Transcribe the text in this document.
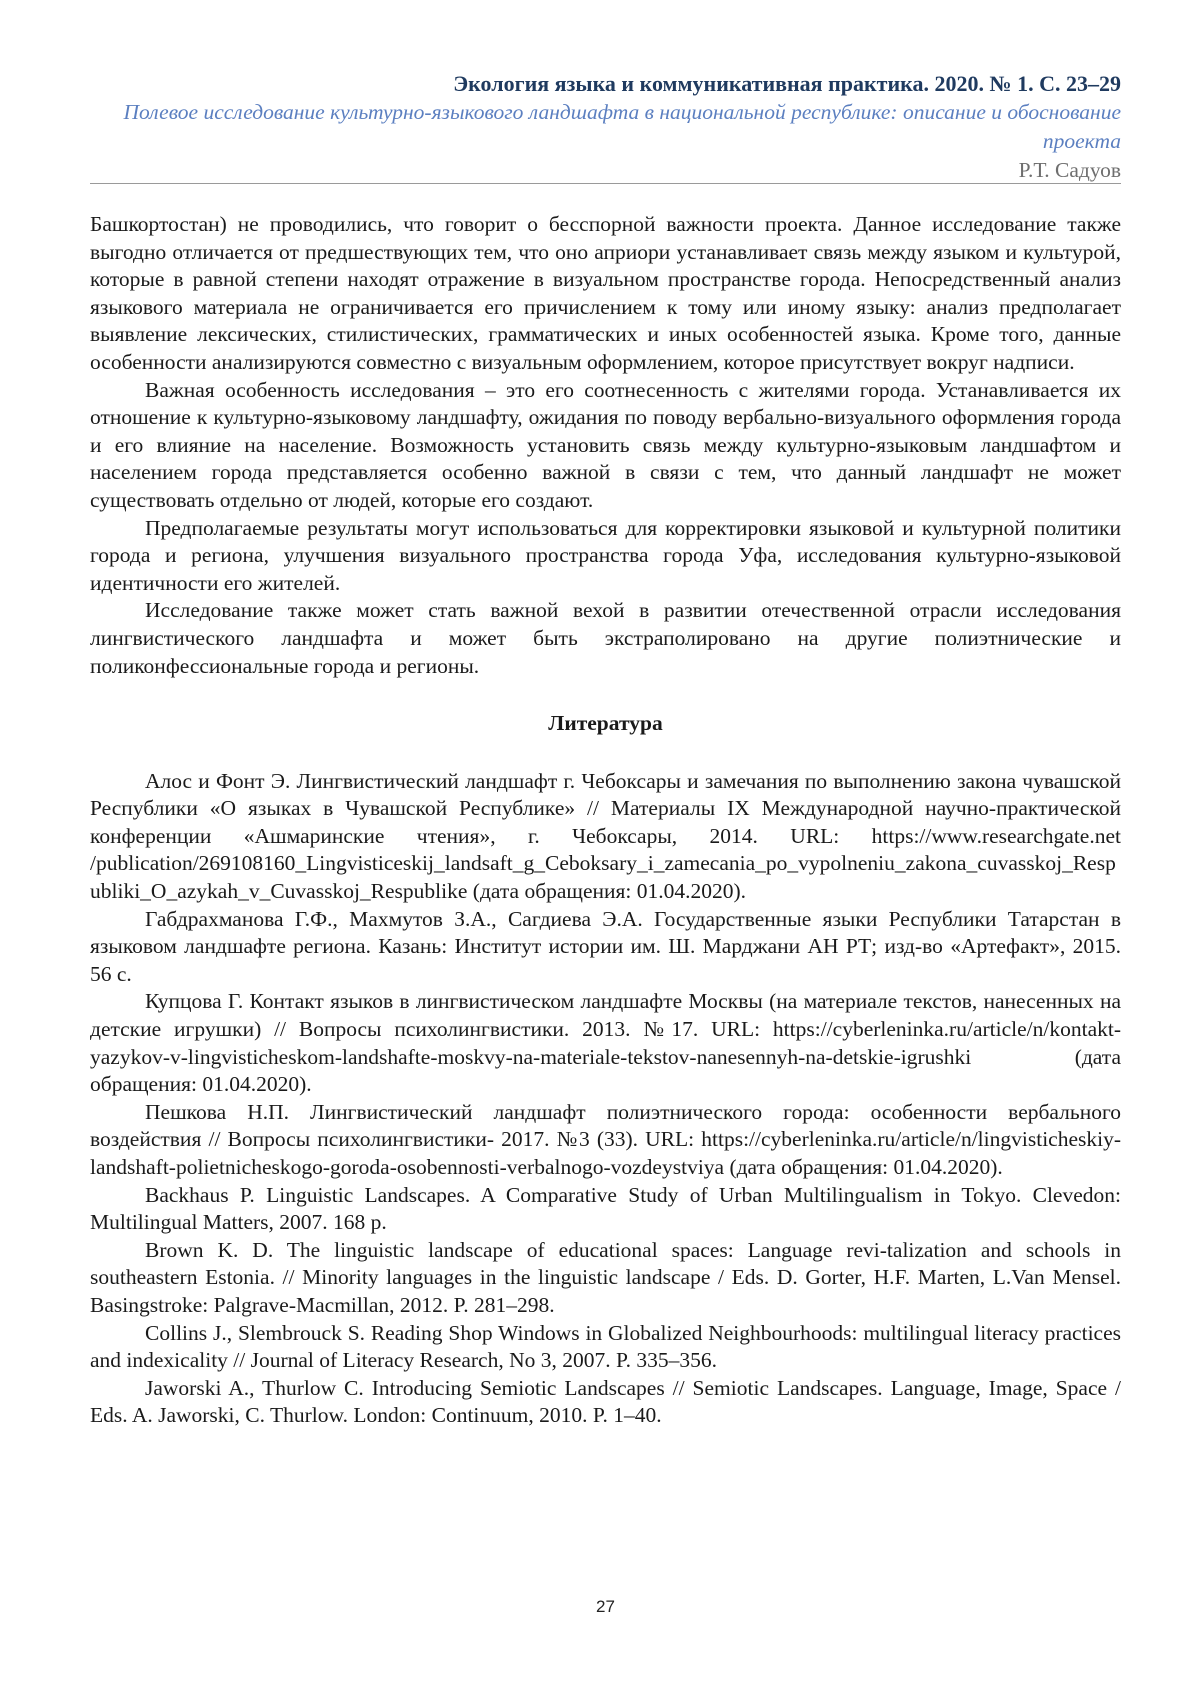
Экология языка и коммуникативная практика. 2020. № 1. С. 23–29
Полевое исследование культурно-языкового ландшафта в национальной республике: описание и обоснование проекта
Р.Т. Садуов

Башкортостан) не проводились, что говорит о бесспорной важности проекта. Данное исследование также выгодно отличается от предшествующих тем, что оно априори устанавливает связь между языком и культурой, которые в равной степени находят отражение в визуальном пространстве города. Непосредственный анализ языкового материала не ограничивается его причислением к тому или иному языку: анализ предполагает выявление лексических, стилистических, грамматических и иных особенностей языка. Кроме того, данные особенности анализируются совместно с визуальным оформлением, которое присутствует вокруг надписи.

Важная особенность исследования – это его соотнесенность с жителями города. Устанавливается их отношение к культурно-языковому ландшафту, ожидания по поводу вербально-визуального оформления города и его влияние на население. Возможность установить связь между культурно-языковым ландшафтом и населением города представляется особенно важной в связи с тем, что данный ландшафт не может существовать отдельно от людей, которые его создают.

Предполагаемые результаты могут использоваться для корректировки языковой и культурной политики города и региона, улучшения визуального пространства города Уфа, исследования культурно-языковой идентичности его жителей.

Исследование также может стать важной вехой в развитии отечественной отрасли исследования лингвистического ландшафта и может быть экстраполировано на другие полиэтнические и поликонфессиональные города и регионы.

Литература

Алос и Фонт Э. Лингвистический ландшафт г. Чебоксары и замечания по выполнению закона чувашской Республики «О языках в Чувашской Республике» // Материалы IX Международной научно-практической конференции «Ашмаринские чтения», г. Чебоксары, 2014. URL: https://www.researchgate.net /publication/269108160_Lingvisticeskij_landsaft_g_Ceboksary_i_zamecania_po_vypolneniu_zakona_cuvasskoj_Respubliki_O_azykah_v_Cuvasskoj_Respublike (дата обращения: 01.04.2020).

Габдрахманова Г.Ф., Махмутов З.А., Сагдиева Э.А. Государственные языки Республики Татарстан в языковом ландшафте региона. Казань: Институт истории им. Ш. Марджани АН РТ; изд-во «Артефакт», 2015. 56 с.

Купцова Г. Контакт языков в лингвистическом ландшафте Москвы (на материале текстов, нанесенных на детские игрушки) // Вопросы психолингвистики. 2013. №17. URL: https://cyberleninka.ru/article/n/kontakt-yazykov-v-lingvisticheskom-landshafte-moskvy-na-materiale-tekstov-nanesennyh-na-detskie-igrushki (дата обращения: 01.04.2020).

Пешкова Н.П. Лингвистический ландшафт полиэтнического города: особенности вербального воздействия // Вопросы психолингвистики- 2017. №3 (33). URL: https://cyberleninka.ru/article/n/lingvisticheskiy-landshaft-polietnicheskogo-goroda-osobennosti-verbalnogo-vozdeystviya (дата обращения: 01.04.2020).

Backhaus P. Linguistic Landscapes. A Comparative Study of Urban Multilingualism in Tokyo. Clevedon: Multilingual Matters, 2007. 168 p.

Brown K. D. The linguistic landscape of educational spaces: Language revi-talization and schools in southeastern Estonia. // Minority languages in the linguistic landscape / Eds. D. Gorter, H.F. Marten, L.Van Mensel. Basingstroke: Palgrave-Macmillan, 2012. P. 281–298.

Collins J., Slembrouck S. Reading Shop Windows in Globalized Neighbourhoods: multilingual literacy practices and indexicality // Journal of Literacy Research, No 3, 2007. P. 335–356.

Jaworski A., Thurlow C. Introducing Semiotic Landscapes // Semiotic Landscapes. Language, Image, Space / Eds. A. Jaworski, C. Thurlow. London: Continuum, 2010. P. 1–40.

27
